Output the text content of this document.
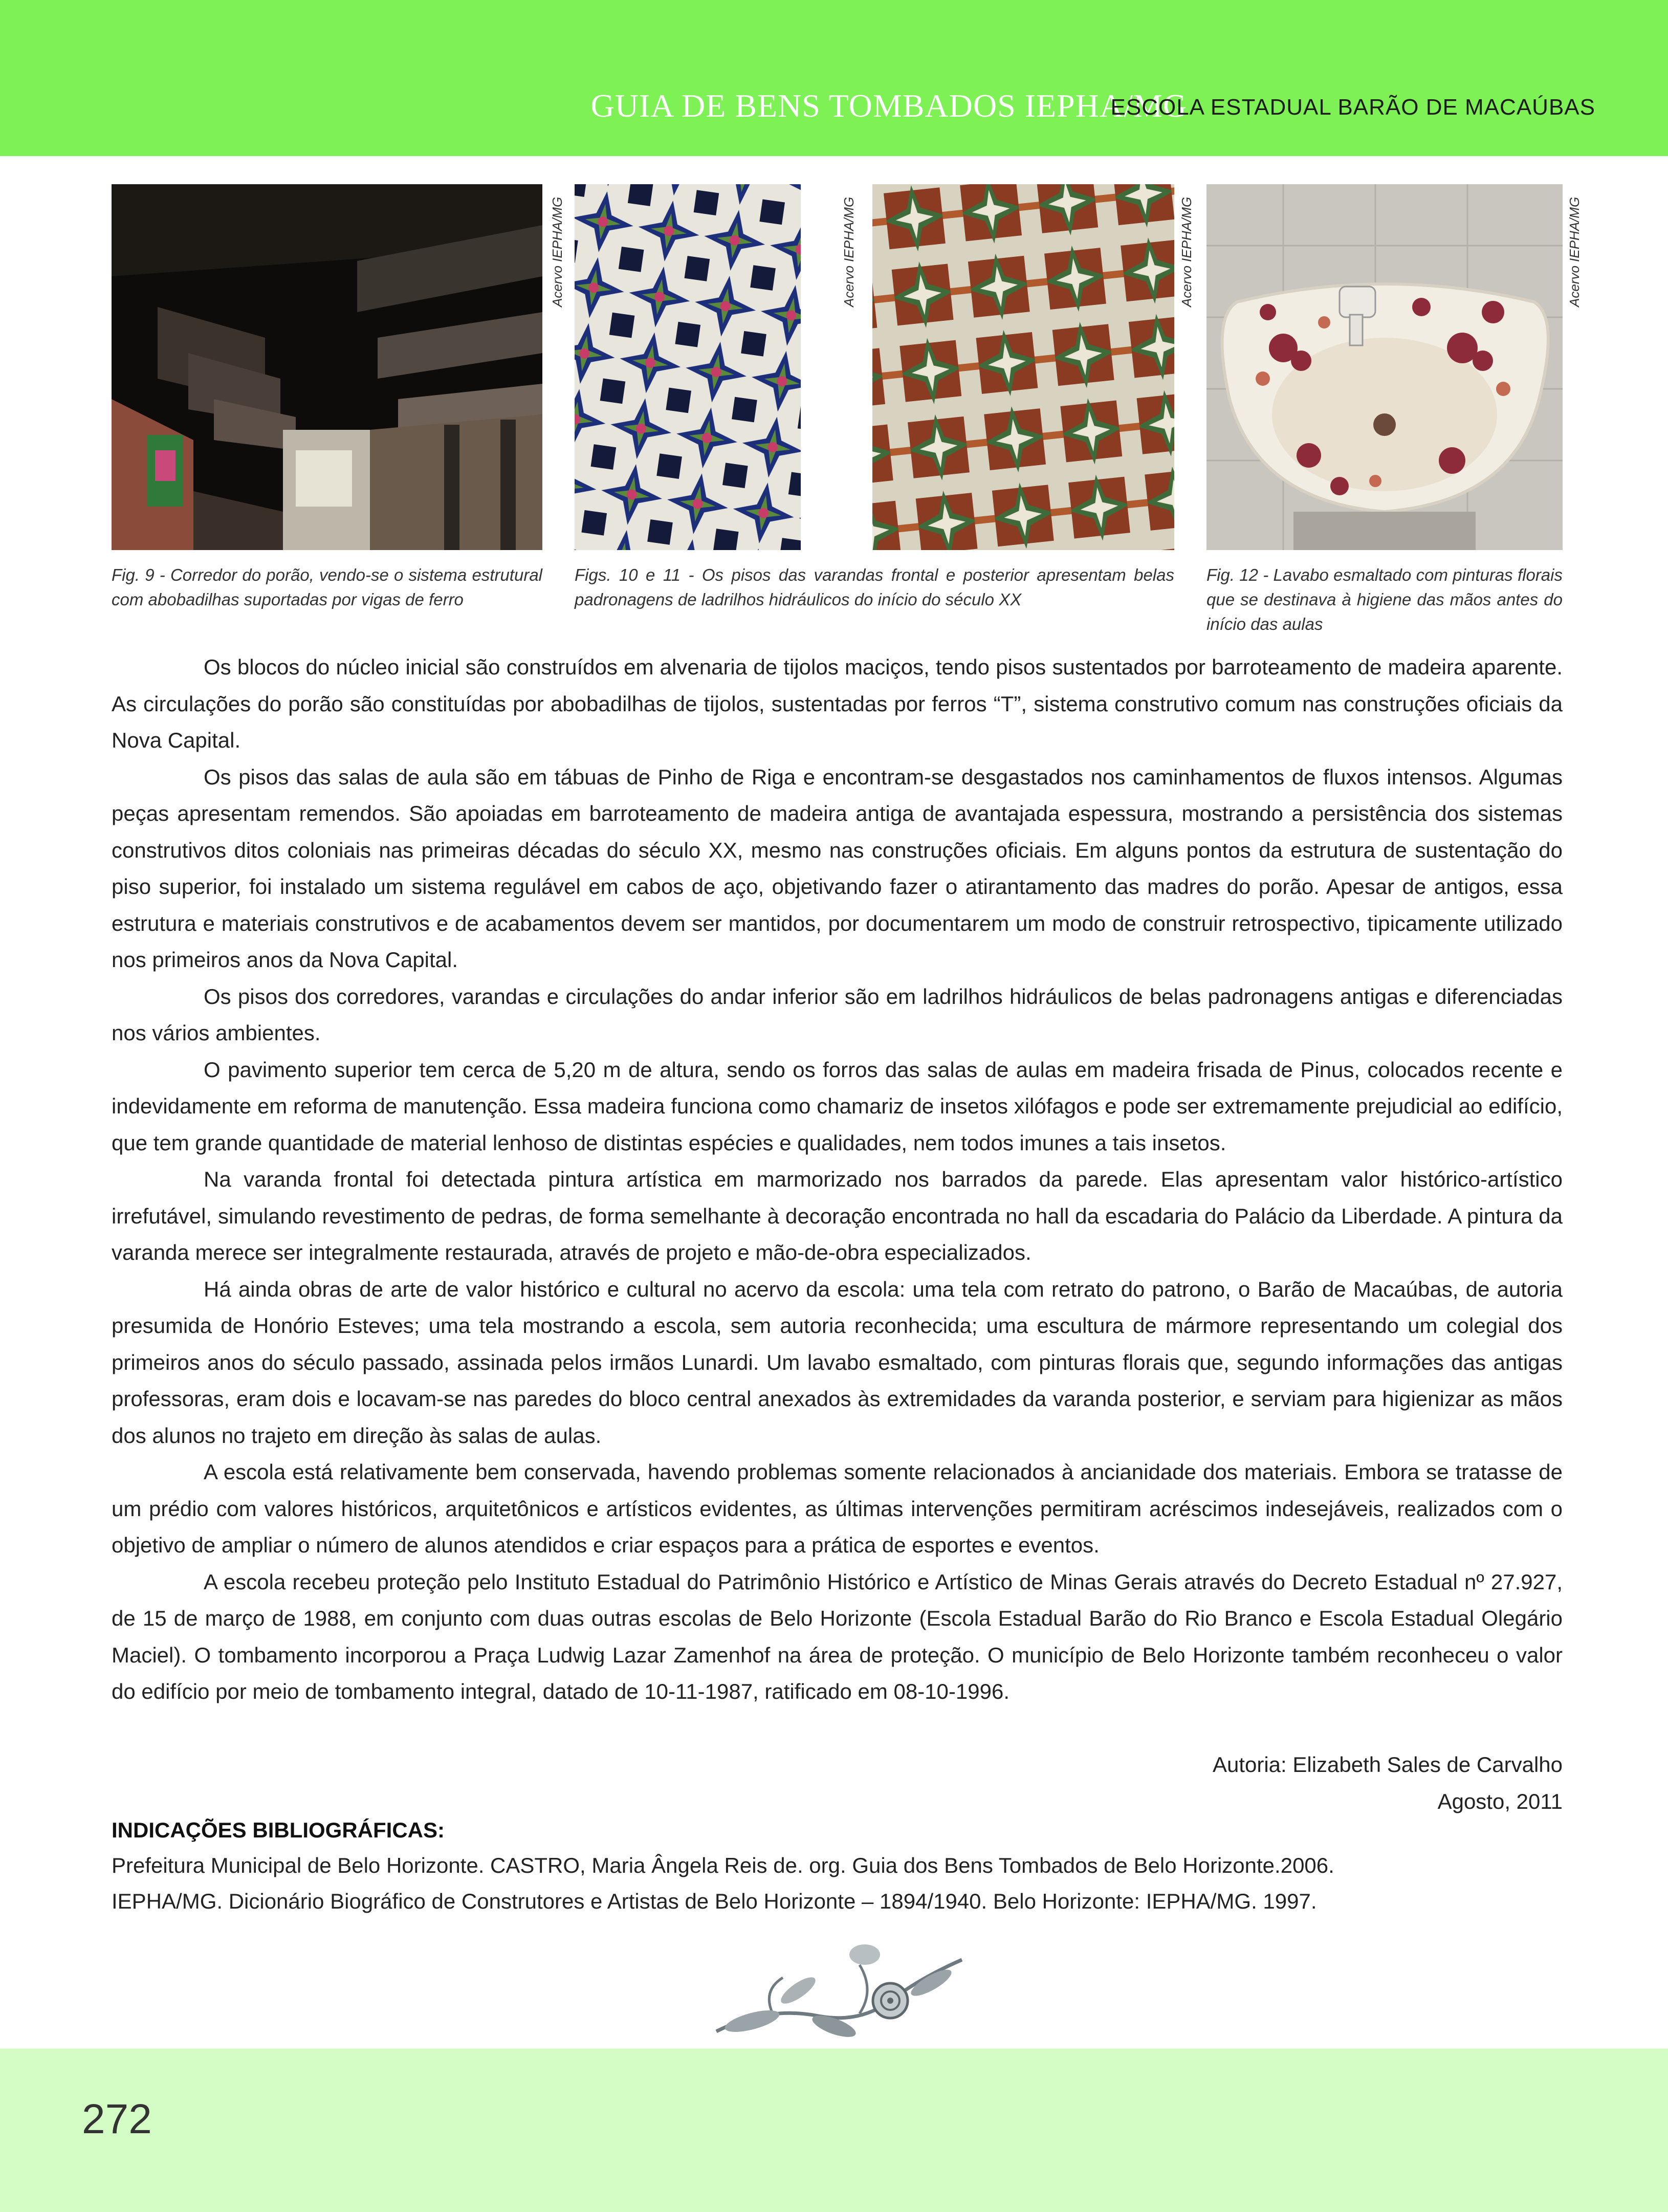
GUIA DE BENS TOMBADOS IEPHA/MG
ESCOLA ESTADUAL BARÃO DE MACAÚBAS
Acervo IEPHA/MG	Acervo IEPHA/MG	Acervo IEPHA/MG	Acervo IEPHA/MG
Fig. 9 - Corredor do porão, vendo-se o sistema estrutural com abobadilhas suportadas por vigas de ferro
Figs. 10 e 11 - Os pisos das varandas frontal e posterior apresentam belas padronagens de ladrilhos hidráulicos do início do século XX
Fig. 12 - Lavabo esmaltado com pinturas florais que se destinava à higiene das mãos antes do início das aulas

Os blocos do núcleo inicial são construídos em alvenaria de tijolos maciços, tendo pisos sustentados por barroteamento de madeira aparente. As circulações do porão são constituídas por abobadilhas de tijolos, sustentadas por ferros “T”, sistema construtivo comum nas construções oficiais da Nova Capital.

Os pisos das salas de aula são em tábuas de Pinho de Riga e encontram-se desgastados nos caminhamentos de fluxos intensos. Algumas peças apresentam remendos. São apoiadas em barroteamento de madeira antiga de avantajada espessura, mostrando a persistência dos sistemas construtivos ditos coloniais nas primeiras décadas do século XX, mesmo nas construções oficiais. Em alguns pontos da estrutura de sustentação do piso superior, foi instalado um sistema regulável em cabos de aço, objetivando fazer o atirantamento das madres do porão. Apesar de antigos, essa estrutura e materiais construtivos e de acabamentos devem ser mantidos, por documentarem um modo de construir retrospectivo, tipicamente utilizado nos primeiros anos da Nova Capital.

Os pisos dos corredores, varandas e circulações do andar inferior são em ladrilhos hidráulicos de belas padronagens antigas e diferenciadas nos vários ambientes.

O pavimento superior tem cerca de 5,20 m de altura, sendo os forros das salas de aulas em madeira frisada de Pinus, colocados recente e indevidamente em reforma de manutenção. Essa madeira funciona como chamariz de insetos xilófagos e pode ser extremamente prejudicial ao edifício, que tem grande quantidade de material lenhoso de distintas espécies e qualidades, nem todos imunes a tais insetos.

Na varanda frontal foi detectada pintura artística em marmorizado nos barrados da parede. Elas apresentam valor histórico-artístico irrefutável, simulando revestimento de pedras, de forma semelhante à decoração encontrada no hall da escadaria do Palácio da Liberdade. A pintura da varanda merece ser integralmente restaurada, através de projeto e mão-de-obra especializados.

Há ainda obras de arte de valor histórico e cultural no acervo da escola: uma tela com retrato do patrono, o Barão de Macaúbas, de autoria presumida de Honório Esteves; uma tela mostrando a escola, sem autoria reconhecida; uma escultura de mármore representando um colegial dos primeiros anos do século passado, assinada pelos irmãos Lunardi. Um lavabo esmaltado, com pinturas florais que, segundo informações das antigas professoras, eram dois e locavam-se nas paredes do bloco central anexados às extremidades da varanda posterior, e serviam para higienizar as mãos dos alunos no trajeto em direção às salas de aulas.

A escola está relativamente bem conservada, havendo problemas somente relacionados à ancianidade dos materiais. Embora se tratasse de um prédio com valores históricos, arquitetônicos e artísticos evidentes, as últimas intervenções permitiram acréscimos indesejáveis, realizados com o objetivo de ampliar o número de alunos atendidos e criar espaços para a prática de esportes e eventos.

A escola recebeu proteção pelo Instituto Estadual do Patrimônio Histórico e Artístico de Minas Gerais através do Decreto Estadual nº 27.927, de 15 de março de 1988, em conjunto com duas outras escolas de Belo Horizonte (Escola Estadual Barão do Rio Branco e Escola Estadual Olegário Maciel). O tombamento incorporou a Praça Ludwig Lazar Zamenhof na área de proteção. O município de Belo Horizonte também reconheceu o valor do edifício por meio de tombamento integral, datado de 10-11-1987, ratificado em 08-10-1996.

Autoria: Elizabeth Sales de Carvalho
Agosto, 2011
INDICAÇÕES BIBLIOGRÁFICAS:
Prefeitura Municipal de Belo Horizonte. CASTRO, Maria Ângela Reis de. org. Guia dos Bens Tombados de Belo Horizonte.2006.
IEPHA/MG. Dicionário Biográfico de Construtores e Artistas de Belo Horizonte – 1894/1940. Belo Horizonte: IEPHA/MG. 1997.
272
